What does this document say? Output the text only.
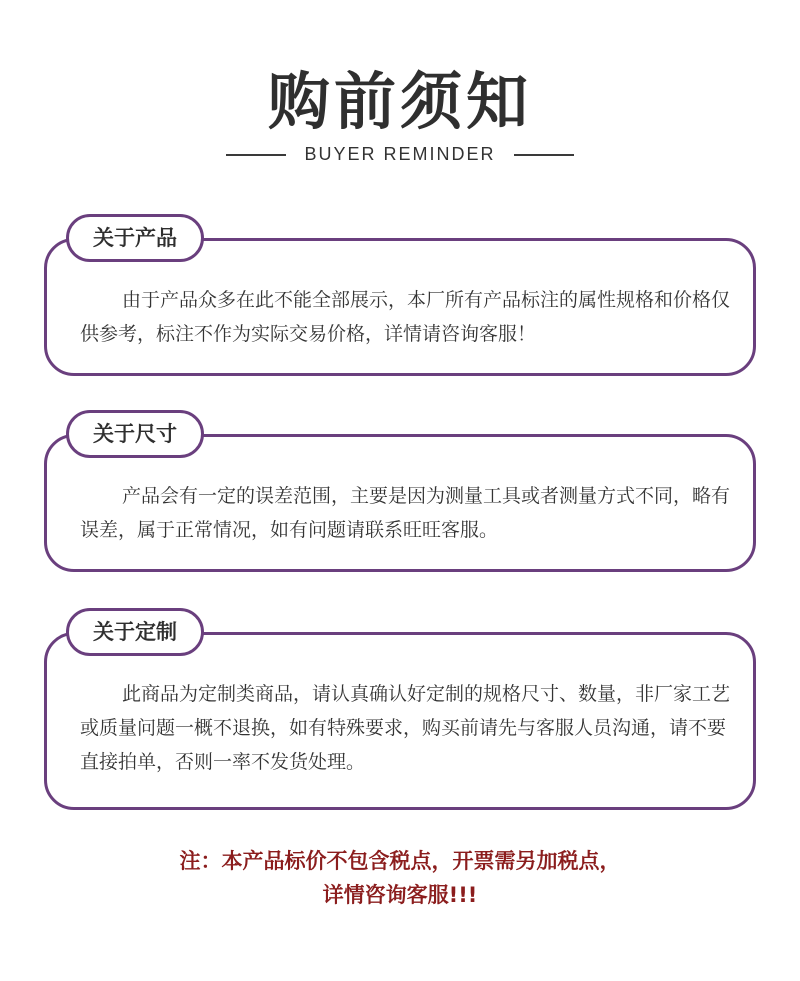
购前须知
BUYER REMINDER
由于产品众多在此不能全部展示，本厂所有产品标注的属性规格和价格仅供参考，标注不作为实际交易价格，详情请咨询客服！
关于产品
产品会有一定的误差范围，主要是因为测量工具或者测量方式不同，略有误差，属于正常情况，如有问题请联系旺旺客服。
关于尺寸
此商品为定制类商品，请认真确认好定制的规格尺寸、数量，非厂家工艺或质量问题一概不退换，如有特殊要求，购买前请先与客服人员沟通，请不要直接拍单，否则一率不发货处理。
关于定制
注：本产品标价不包含税点，开票需另加税点，
详情咨询客服!!!
